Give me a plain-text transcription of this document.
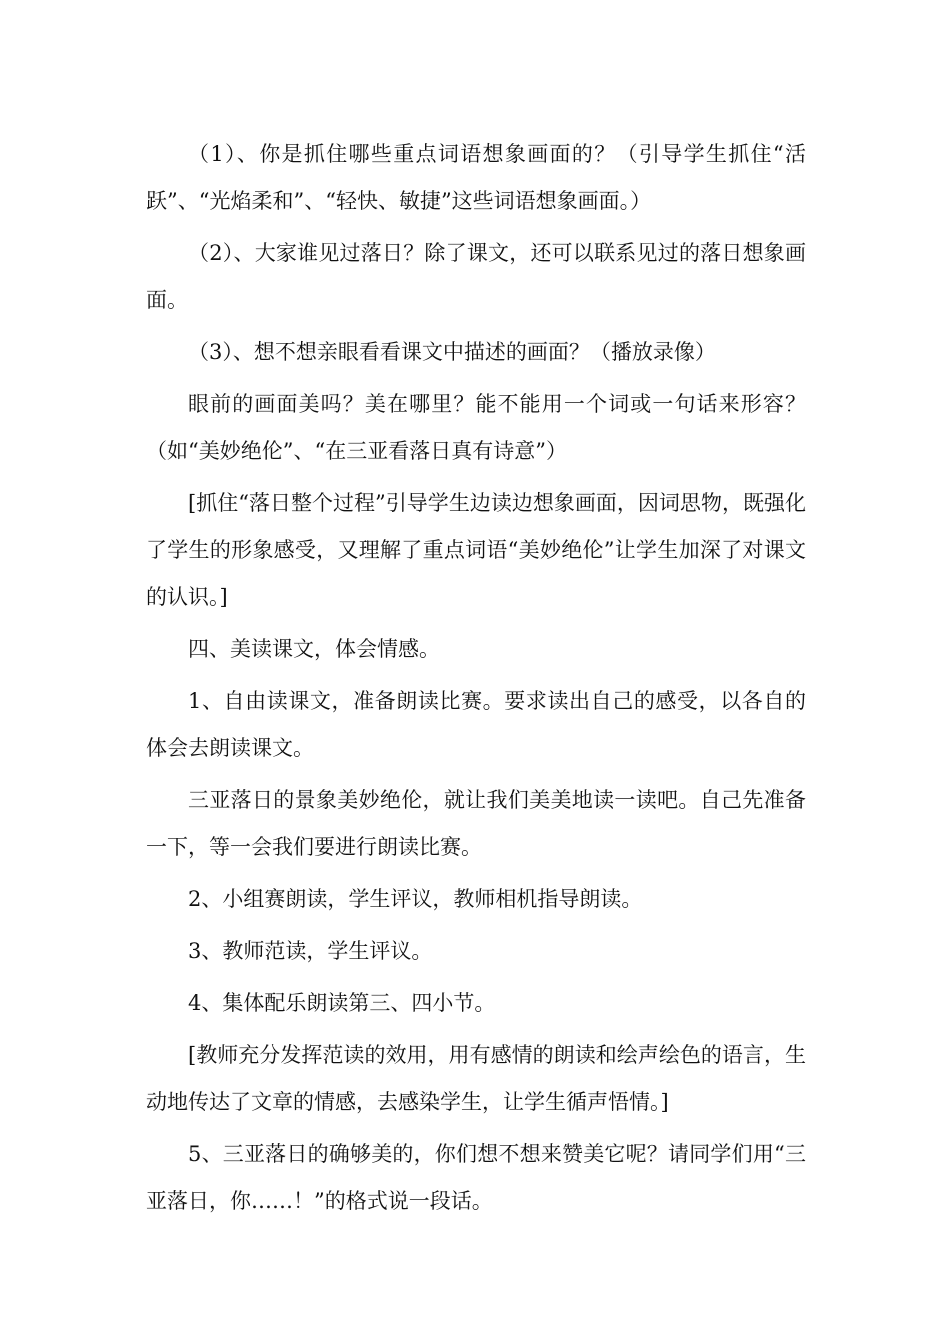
（1）、你是抓住哪些重点词语想象画面的？（引导学生抓住“活跃”、“光焰柔和”、“轻快、敏捷”这些词语想象画面。）

（2）、大家谁见过落日？除了课文，还可以联系见过的落日想象画面。

（3）、想不想亲眼看看课文中描述的画面？（播放录像）

眼前的画面美吗？美在哪里？能不能用一个词或一句话来形容？（如“美妙绝伦”、“在三亚看落日真有诗意”）

[抓住“落日整个过程”引导学生边读边想象画面，因词思物，既强化了学生的形象感受，又理解了重点词语“美妙绝伦”让学生加深了对课文的认识。]

四、美读课文，体会情感。

1、自由读课文，准备朗读比赛。要求读出自己的感受，以各自的体会去朗读课文。

三亚落日的景象美妙绝伦，就让我们美美地读一读吧。自己先准备一下，等一会我们要进行朗读比赛。

2、小组赛朗读，学生评议，教师相机指导朗读。

3、教师范读，学生评议。

4、集体配乐朗读第三、四小节。

[教师充分发挥范读的效用，用有感情的朗读和绘声绘色的语言，生动地传达了文章的情感，去感染学生，让学生循声悟情。]

5、三亚落日的确够美的，你们想不想来赞美它呢？请同学们用“三亚落日，你……！”的格式说一段话。
